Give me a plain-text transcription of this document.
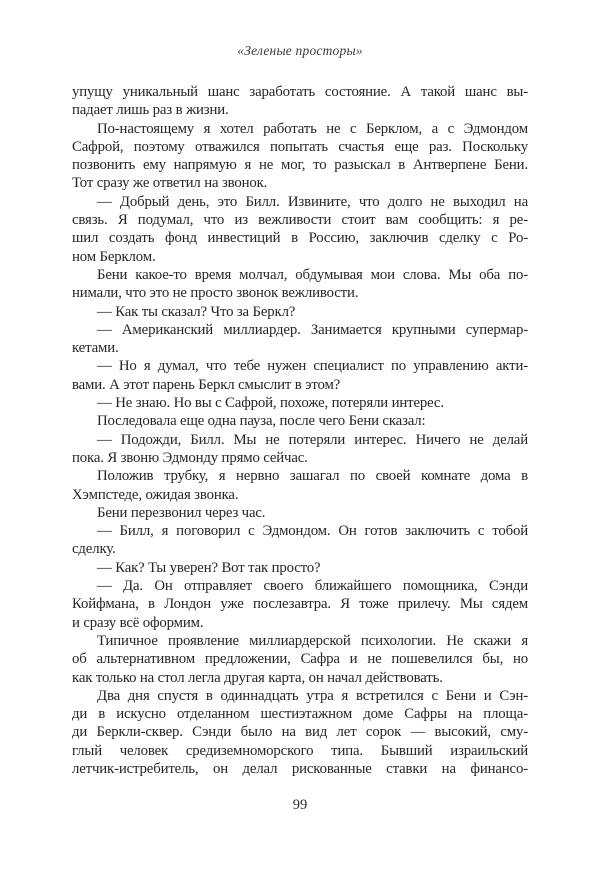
«Зеленые просторы»
упущу уникальный шанс заработать состояние. А такой шанс вы-
падает лишь раз в жизни.
По-настоящему я хотел работать не с Берклом, а с Эдмондом
Сафрой, поэтому отважился попытать счастья еще раз. Поскольку
позвонить ему напрямую я не мог, то разыскал в Антверпене Бени.
Тот сразу же ответил на звонок.
— Добрый день, это Билл. Извините, что долго не выходил на
связь. Я подумал, что из вежливости стоит вам сообщить: я ре-
шил создать фонд инвестиций в Россию, заключив сделку с Ро-
ном Берклом.
Бени какое-то время молчал, обдумывая мои слова. Мы оба по-
нимали, что это не просто звонок вежливости.
— Как ты сказал? Что за Беркл?
— Американский миллиардер. Занимается крупными супермар-
кетами.
— Но я думал, что тебе нужен специалист по управлению акти-
вами. А этот парень Беркл смыслит в этом?
— Не знаю. Но вы с Сафрой, похоже, потеряли интерес.
Последовала еще одна пауза, после чего Бени сказал:
— Подожди, Билл. Мы не потеряли интерес. Ничего не делай
пока. Я звоню Эдмонду прямо сейчас.
Положив трубку, я нервно зашагал по своей комнате дома в
Хэмпстеде, ожидая звонка.
Бени перезвонил через час.
— Билл, я поговорил с Эдмондом. Он готов заключить с тобой
сделку.
— Как? Ты уверен? Вот так просто?
— Да. Он отправляет своего ближайшего помощника, Сэнди
Койфмана, в Лондон уже послезавтра. Я тоже прилечу. Мы сядем
и сразу всё оформим.
Типичное проявление миллиардерской психологии. Не скажи я
об альтернативном предложении, Сафра и не пошевелился бы, но
как только на стол легла другая карта, он начал действовать.
Два дня спустя в одиннадцать утра я встретился с Бени и Сэн-
ди в искусно отделанном шестиэтажном доме Сафры на площа-
ди Беркли-сквер. Сэнди было на вид лет сорок — высокий, сму-
глый человек средиземноморского типа. Бывший израильский
летчик-истребитель, он делал рискованные ставки на финансо-
99
